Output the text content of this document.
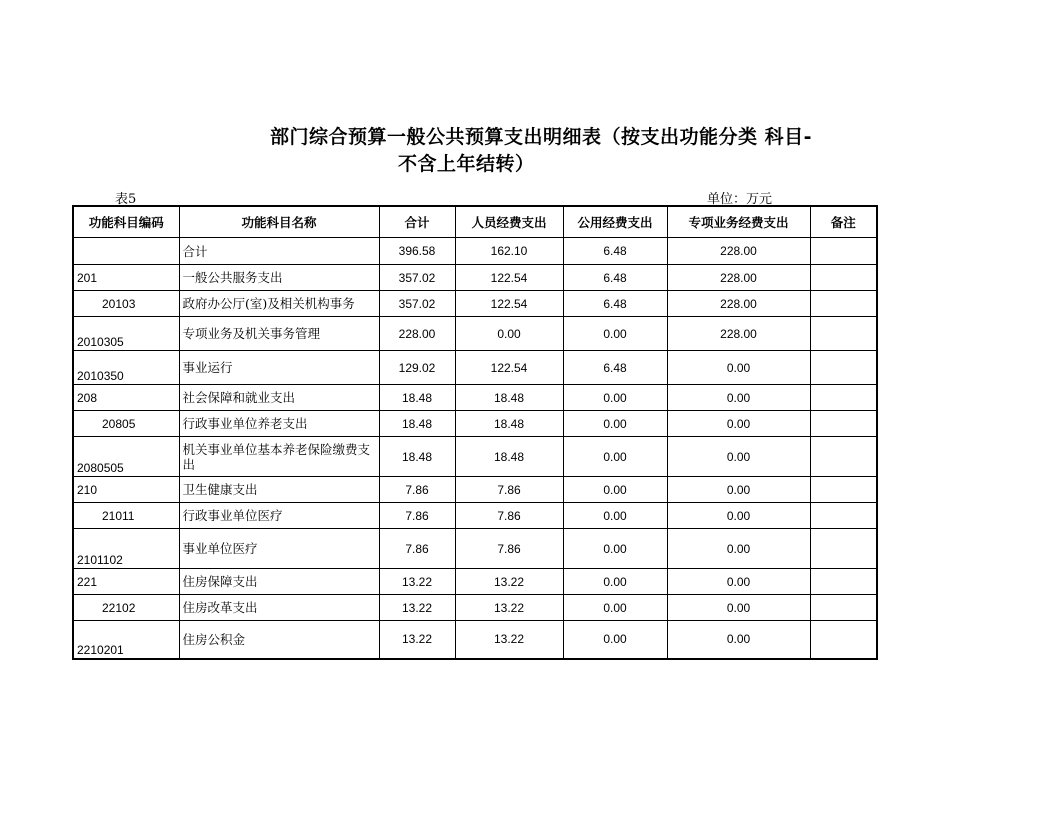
部门综合预算一般公共预算支出明细表（按支出功能分类 科目-
不含上年结转）
表5	单位：万元
功能科目编码	功能科目名称	合计	人员经费支出	公用经费支出	专项业务经费支出	备注
	合计	396.58	162.10	6.48	228.00	
201	一般公共服务支出	357.02	122.54	6.48	228.00	
20103	政府办公厅(室)及相关机构事务	357.02	122.54	6.48	228.00	
2010305	专项业务及机关事务管理	228.00	0.00	0.00	228.00	
2010350	事业运行	129.02	122.54	6.48	0.00	
208	社会保障和就业支出	18.48	18.48	0.00	0.00	
20805	行政事业单位养老支出	18.48	18.48	0.00	0.00	
2080505	机关事业单位基本养老保险缴费支出	18.48	18.48	0.00	0.00	
210	卫生健康支出	7.86	7.86	0.00	0.00	
21011	行政事业单位医疗	7.86	7.86	0.00	0.00	
2101102	事业单位医疗	7.86	7.86	0.00	0.00	
221	住房保障支出	13.22	13.22	0.00	0.00	
22102	住房改革支出	13.22	13.22	0.00	0.00	
2210201	住房公积金	13.22	13.22	0.00	0.00	
